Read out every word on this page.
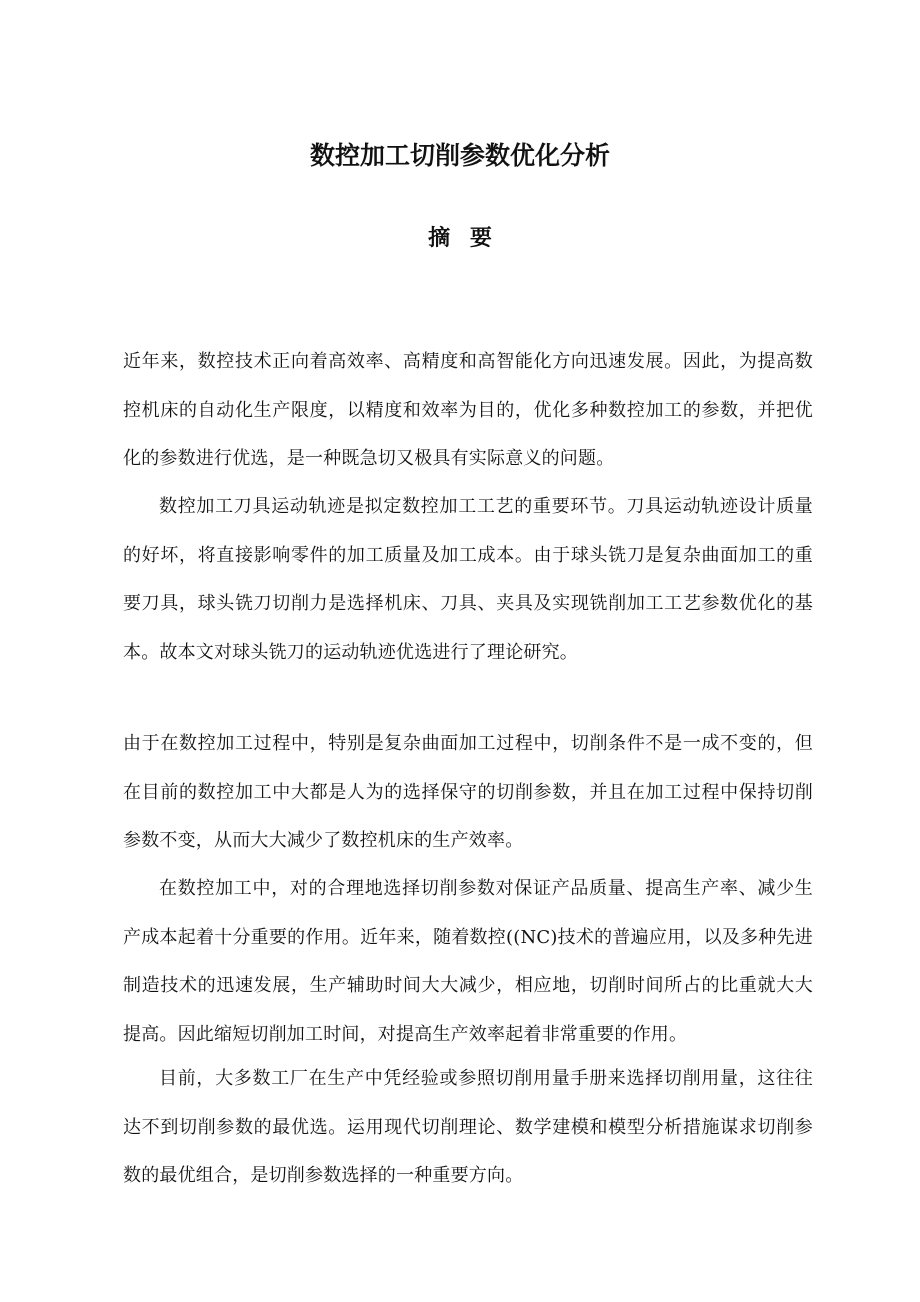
数控加工切削参数优化分析
摘 要

近年来，数控技术正向着高效率、高精度和高智能化方向迅速发展。因此，为提高数控机床的自动化生产限度，以精度和效率为目的，优化多种数控加工的参数，并把优化的参数进行优选，是一种既急切又极具有实际意义的问题。

数控加工刀具运动轨迹是拟定数控加工工艺的重要环节。刀具运动轨迹设计质量的好坏，将直接影响零件的加工质量及加工成本。由于球头铣刀是复杂曲面加工的重要刀具，球头铣刀切削力是选择机床、刀具、夹具及实现铣削加工工艺参数优化的基本。故本文对球头铣刀的运动轨迹优选进行了理论研究。

由于在数控加工过程中，特别是复杂曲面加工过程中，切削条件不是一成不变的，但在目前的数控加工中大都是人为的选择保守的切削参数，并且在加工过程中保持切削参数不变，从而大大减少了数控机床的生产效率。

在数控加工中，对的合理地选择切削参数对保证产品质量、提高生产率、减少生产成本起着十分重要的作用。近年来，随着数控((NC)技术的普遍应用，以及多种先进制造技术的迅速发展，生产辅助时间大大减少，相应地，切削时间所占的比重就大大提高。因此缩短切削加工时间，对提高生产效率起着非常重要的作用。

目前，大多数工厂在生产中凭经验或参照切削用量手册来选择切削用量，这往往达不到切削参数的最优选。运用现代切削理论、数学建模和模型分析措施谋求切削参数的最优组合，是切削参数选择的一种重要方向。
